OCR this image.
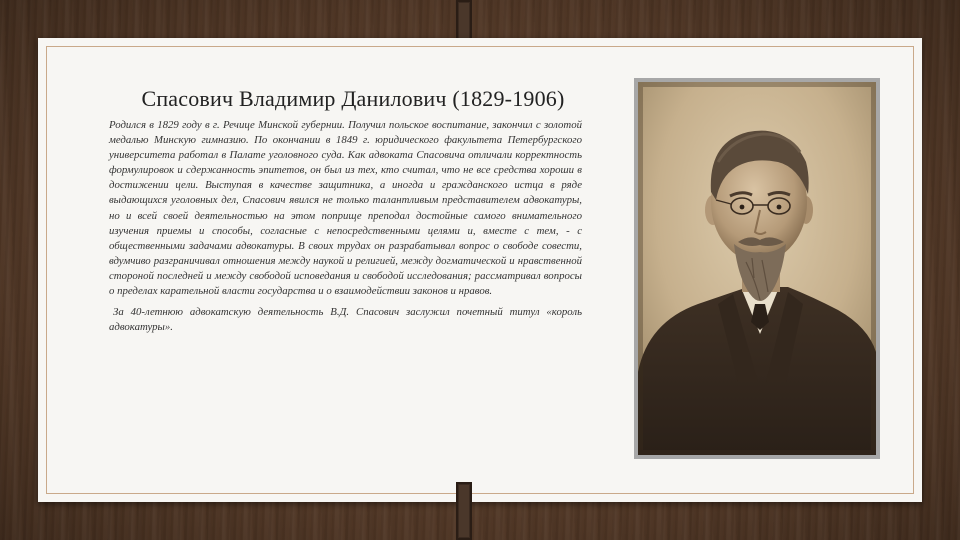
Спасович Владимир Данилович (1829-1906)

Родился в 1829 году в г. Речице Минской губернии. Получил польское воспитание, закончил с золотой медалью Минскую гимназию. По окончании в 1849 г. юридического факультета Петербургского университета работал в Палате уголовного суда. Как адвоката Спасовича отличали корректность формулировок и сдержанность эпитетов, он был из тех, кто считал, что не все средства хороши в достижении цели. Выступая в качестве защитника, а иногда и гражданского истца в ряде выдающихся уголовных дел, Спасович явился не только талантливым представителем адвокатуры, но и всей своей деятельностью на этом поприще преподал достойные самого внимательного изучения приемы и способы, согласные с непосредственными целями и, вместе с тем, - с общественными задачами адвокатуры. В своих трудах он разрабатывал вопрос о свободе совести, вдумчиво разграничивал отношения между наукой и религией, между догматической и нравственной стороной последней и между свободой исповедания и свободой исследования; рассматривал вопросы о пределах карательной власти государства и о взаимодействии законов и нравов.

За 40-летнюю адвокатскую деятельность В.Д. Спасович заслужил почетный титул «король адвокатуры».
